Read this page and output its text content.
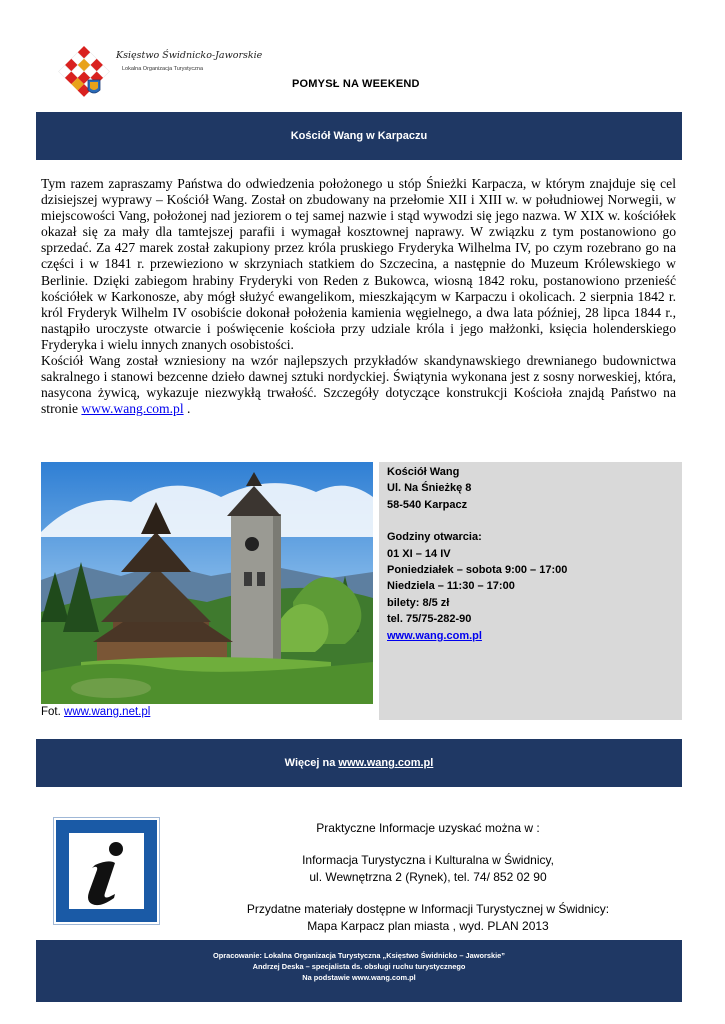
Księstwo Świdnicko-Jaworskie
Lokalna Organizacja Turystyczna
POMYSŁ NA WEEKEND
Kościół Wang w Karpaczu

Tym razem zapraszamy Państwa do odwiedzenia położonego u stóp Śnieżki Karpacza, w którym znajduje się cel dzisiejszej wyprawy – Kościół Wang. Został on zbudowany na przełomie XII i XIII w. w południowej Norwegii, w miejscowości Vang, położonej nad jeziorem o tej samej nazwie i stąd wywodzi się jego nazwa. W XIX w. kościółek okazał się za mały dla tamtejszej parafii i wymagał kosztownej naprawy. W związku z tym postanowiono go sprzedać. Za 427 marek został zakupiony przez króla pruskiego Fryderyka Wilhelma IV, po czym rozebrano go na części i w 1841 r. przewieziono w skrzyniach statkiem do Szczecina, a następnie do Muzeum Królewskiego w Berlinie. Dzięki zabiegom hrabiny Fryderyki von Reden z Bukowca, wiosną 1842 roku, postanowiono przenieść kościółek w Karkonosze, aby mógł służyć ewangelikom, mieszkającym w Karpaczu i okolicach. 2 sierpnia 1842 r. król Fryderyk Wilhelm IV osobiście dokonał położenia kamienia węgielnego, a dwa lata później, 28 lipca 1844 r., nastąpiło uroczyste otwarcie i poświęcenie kościoła przy udziale króla i jego małżonki, księcia holenderskiego Fryderyka i wielu innych znanych osobistości.

Kościół Wang został wzniesiony na wzór najlepszych przykładów skandynawskiego drewnianego budownictwa sakralnego i stanowi bezcenne dzieło dawnej sztuki nordyckiej. Świątynia wykonana jest z sosny norweskiej, która, nasycona żywicą, wykazuje niezwykłą trwałość. Szczegóły dotyczące konstrukcji Kościoła znajdą Państwo na stronie www.wang.com.pl .

Fot. www.wang.net.pl
Kościół Wang
Ul. Na Śnieżkę 8
58-540 Karpacz
Godziny otwarcia:
01 XI – 14 IV
Poniedziałek – sobota 9:00 – 17:00
Niedziela – 11:30 – 17:00
bilety: 8/5 zł
tel. 75/75-282-90
www.wang.com.pl
Więcej na
www.wang.com.pl
Praktyczne Informacje uzyskać można w :
Informacja Turystyczna i Kulturalna w Świdnicy,
ul. Wewnętrzna 2 (Rynek), tel. 74/ 852 02 90
Przydatne materiały dostępne w Informacji Turystycznej w Świdnicy:
Mapa Karpacz plan miasta , wyd. PLAN 2013
Opracowanie: Lokalna Organizacja Turystyczna „Księstwo Świdnicko – Jaworskie”
Andrzej Deska – specjalista ds. obsługi ruchu turystycznego
Na podstawie www.wang.com.pl
